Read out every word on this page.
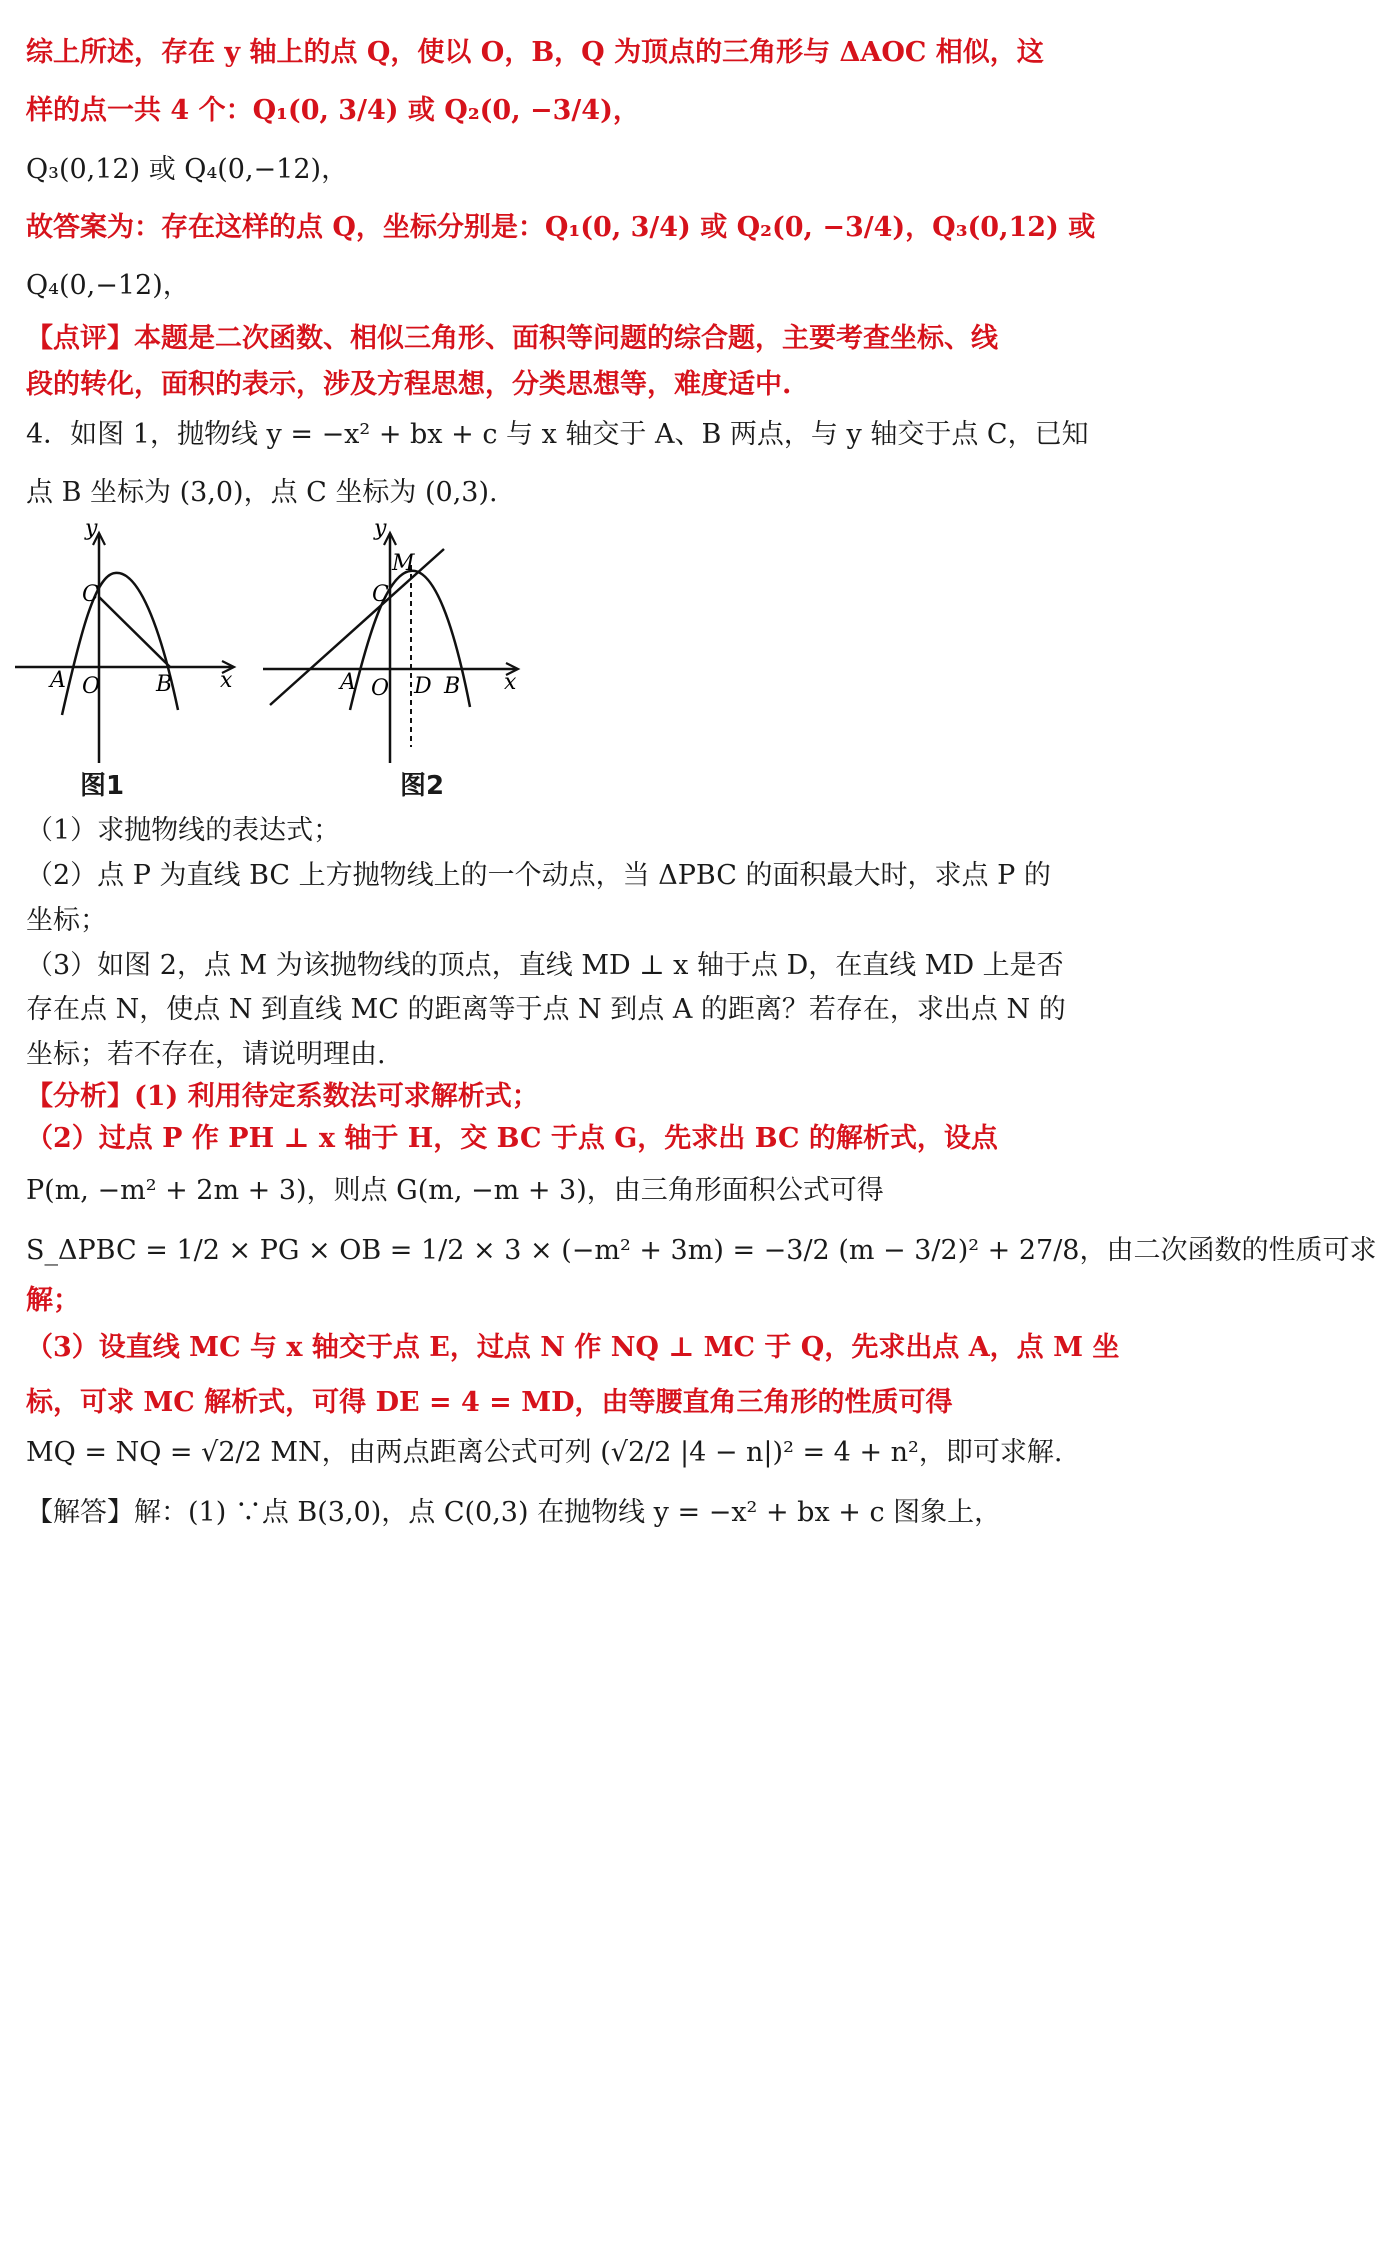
综上所述，存在 y 轴上的点 Q，使以 O，B，Q 为顶点的三角形与 ΔAOC 相似，这
样的点一共 4 个：Q₁(0, 3/4) 或 Q₂(0, −3/4)，
Q₃(0,12) 或 Q₄(0,−12)，
故答案为：存在这样的点 Q，坐标分别是：Q₁(0, 3/4) 或 Q₂(0, −3/4)，Q₃(0,12) 或
Q₄(0,−12)，
【点评】本题是二次函数、相似三角形、面积等问题的综合题，主要考查坐标、线
段的转化，面积的表示，涉及方程思想，分类思想等，难度适中.
4．如图 1，抛物线 y = −x² + bx + c 与 x 轴交于 A、B 两点，与 y 轴交于点 C，已知
点 B 坐标为 (3,0)，点 C 坐标为 (0,3).
y
x
A O	B
C
图1
y
x
A O D B
C
M
图2
（1）求抛物线的表达式；
（2）点 P 为直线 BC 上方抛物线上的一个动点，当 ΔPBC 的面积最大时，求点 P 的
坐标；
（3）如图 2，点 M 为该抛物线的顶点，直线 MD ⊥ x 轴于点 D，在直线 MD 上是否
存在点 N，使点 N 到直线 MC 的距离等于点 N 到点 A 的距离？若存在，求出点 N 的
坐标；若不存在，请说明理由.
【分析】(1) 利用待定系数法可求解析式；
（2）过点 P 作 PH ⊥ x 轴于 H，交 BC 于点 G，先求出 BC 的解析式，设点
P(m, −m² + 2m + 3)，则点 G(m, −m + 3)，由三角形面积公式可得
S_ΔPBC = 1/2 × PG × OB = 1/2 × 3 × (−m² + 3m) = −3/2 (m − 3/2)² + 27/8，由二次函数的性质可求
解；
（3）设直线 MC 与 x 轴交于点 E，过点 N 作 NQ ⊥ MC 于 Q，先求出点 A，点 M 坐
标，可求 MC 解析式，可得 DE = 4 = MD，由等腰直角三角形的性质可得
MQ = NQ = √2/2 MN，由两点距离公式可列 (√2/2 |4 − n|)² = 4 + n²，即可求解.
【解答】解：(1) ∵点 B(3,0)，点 C(0,3) 在抛物线 y = −x² + bx + c 图象上，
